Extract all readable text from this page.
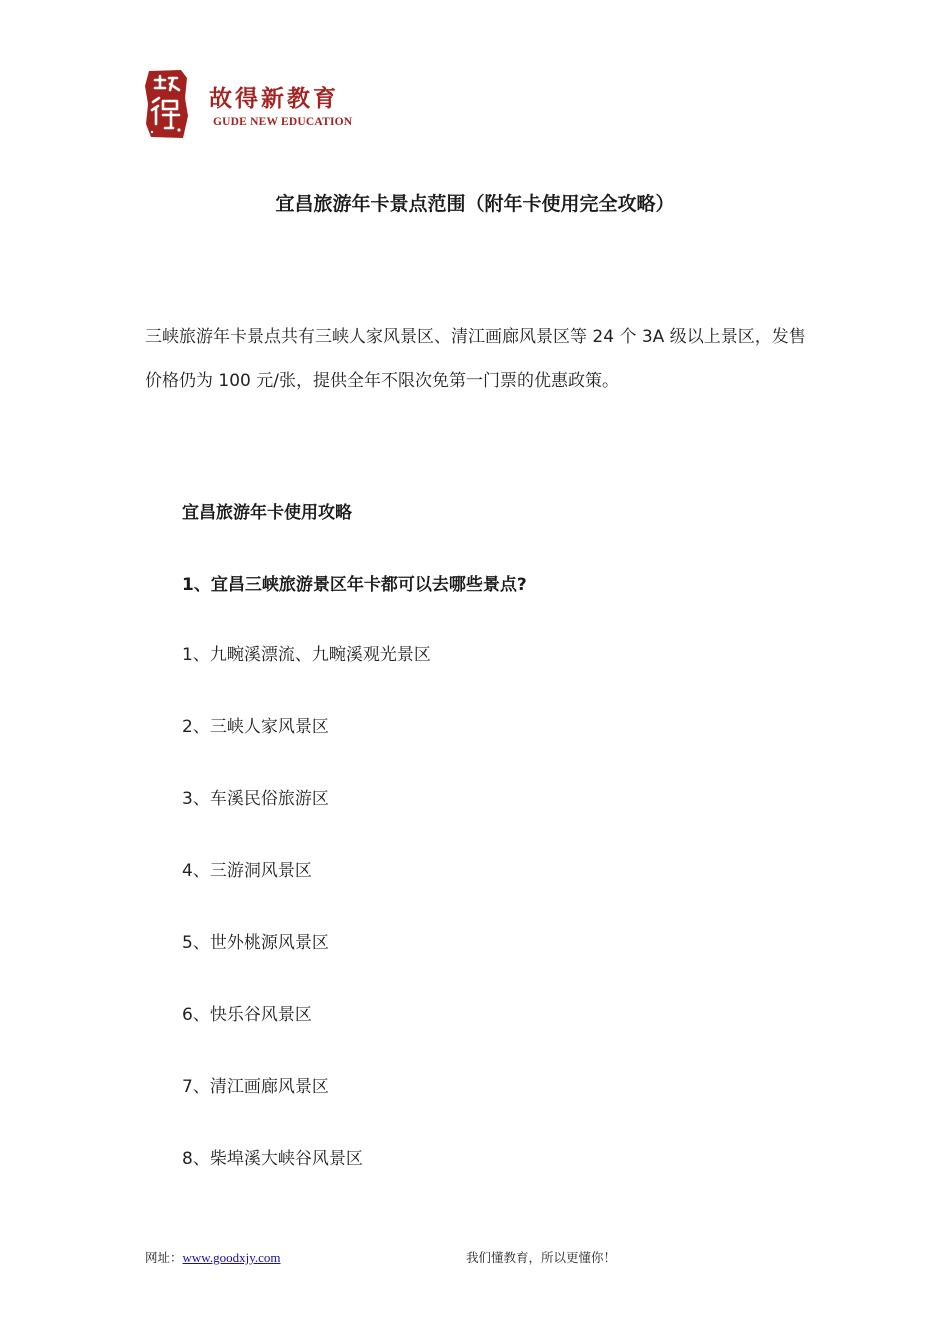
故得新教育
GUDE NEW EDUCATION
宜昌旅游年卡景点范围（附年卡使用完全攻略）

三峡旅游年卡景点共有三峡人家风景区、清江画廊风景区等 24 个 3A 级以上景区，发售价格仍为 100 元/张，提供全年不限次免第一门票的优惠政策。

宜昌旅游年卡使用攻略
1、宜昌三峡旅游景区年卡都可以去哪些景点?
1、九畹溪漂流、九畹溪观光景区
2、三峡人家风景区
3、车溪民俗旅游区
4、三游洞风景区
5、世外桃源风景区
6、快乐谷风景区
7、清江画廊风景区
8、柴埠溪大峡谷风景区
网址：www.goodxjy.com	我们懂教育，所以更懂你！
